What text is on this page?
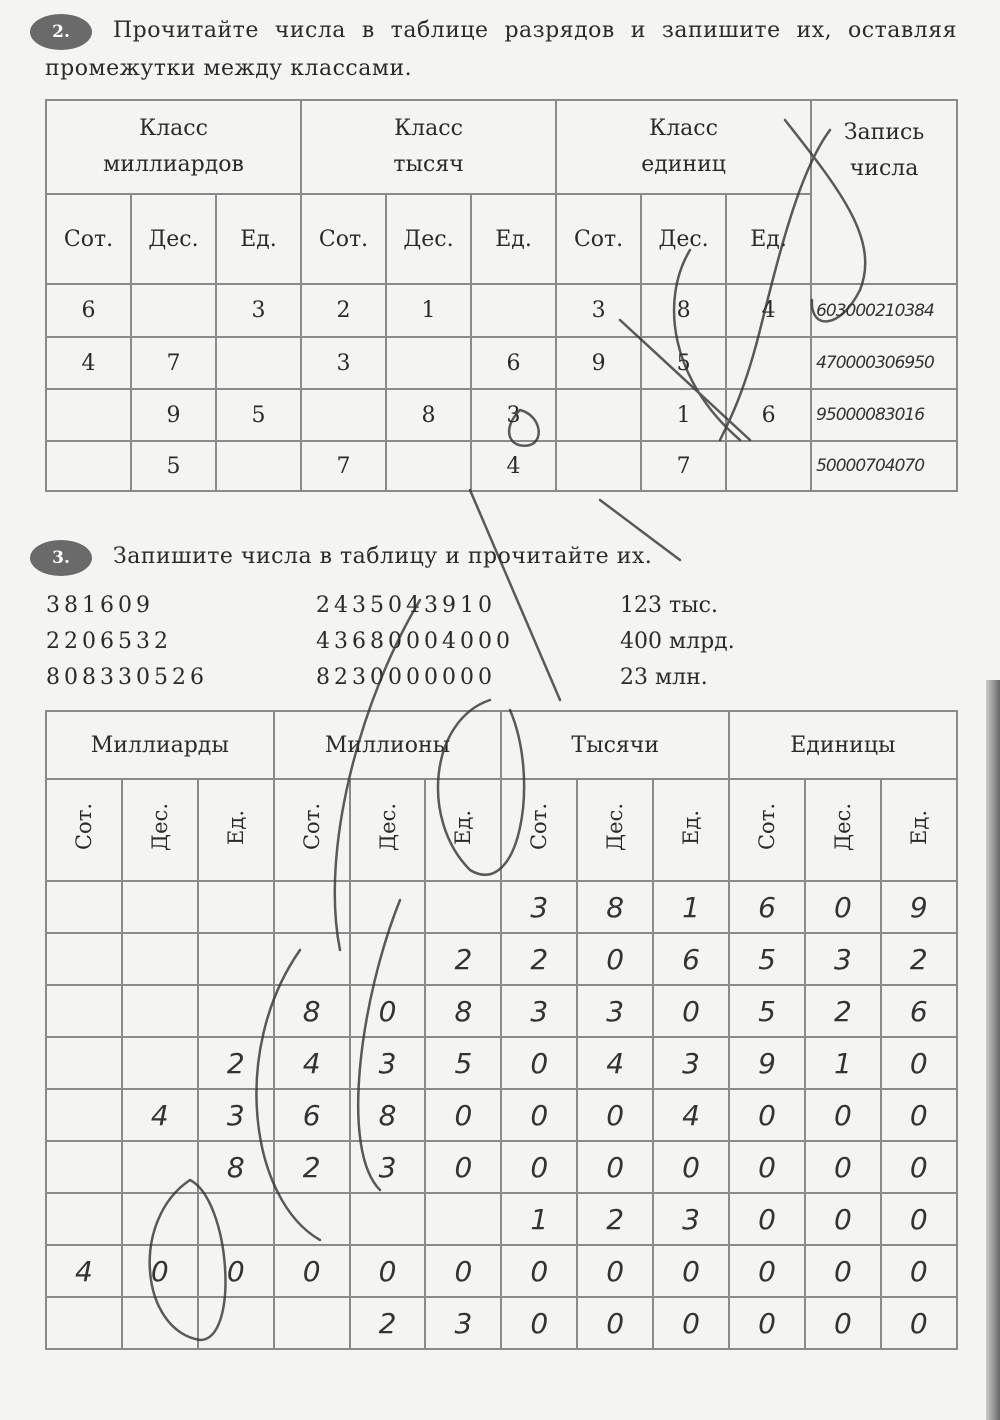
2.	Прочитайте числа в таблице разрядов и запишите их, оставляя промежутки между классами.
Класс миллиардов			Класс тысяч			Класс единиц			Запись числа
Сот.	Дес.	Ед.	Сот.	Дес.	Ед.	Сот.	Дес.	Ед.	
6		3	2	1		3	8	4	603000210384
4	7		3		6	9	5		470000306950
	9	5		8	3		1	6	95000083016
	5		7		4		7		50000704070
3.	Запишите числа в таблицу и прочитайте их.
381609
2206532
808330526
2435043910
43680004000
8230000000
123 тыс.
400 млрд.
23 млн.
Миллиарды			Миллионы			Тысячи			Единицы		
Сот.	Дес.	Ед.	Сот.	Дес.	Ед.	Сот.	Дес.	Ед.	Сот.	Дес.	Ед.
						3	8	1	6	0	9
					2	2	0	6	5	3	2
			8	0	8	3	3	0	5	2	6
		2	4	3	5	0	4	3	9	1	0
	4	3	6	8	0	0	0	4	0	0	0
		8	2	3	0	0	0	0	0	0	0
						1	2	3	0	0	0
4	0	0	0	0	0	0	0	0	0	0	0
				2	3	0	0	0	0	0	0
